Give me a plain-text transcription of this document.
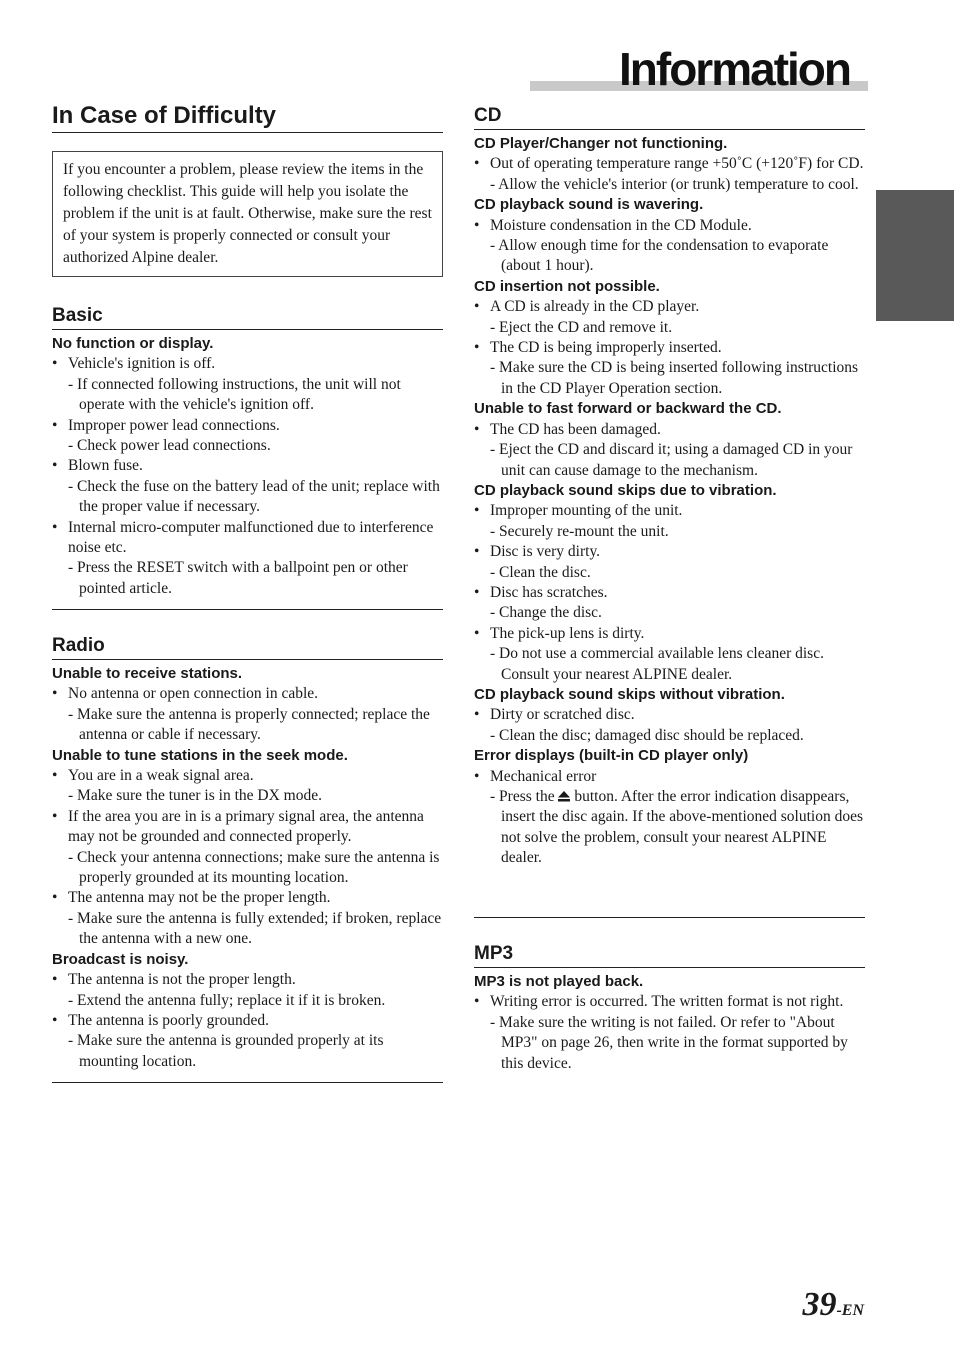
Information
In Case of Difficulty
If you encounter a problem, please review the items in the following checklist. This guide will help you isolate the problem if the unit is at fault. Otherwise, make sure the rest of your system is properly connected or consult your authorized Alpine dealer.
Basic
No function or display.
• Vehicle's ignition is off.
- If connected following instructions, the unit will not operate with the vehicle's ignition off.
• Improper power lead connections.
- Check power lead connections.
• Blown fuse.
- Check the fuse on the battery lead of the unit; replace with the proper value if necessary.
• Internal micro-computer malfunctioned due to interference noise etc.
- Press the RESET switch with a ballpoint pen or other pointed article.
Radio
Unable to receive stations.
• No antenna or open connection in cable.
- Make sure the antenna is properly connected; replace the antenna or cable if necessary.
Unable to tune stations in the seek mode.
• You are in a weak signal area.
- Make sure the tuner is in the DX mode.
• If the area you are in is a primary signal area, the antenna may not be grounded and connected properly.
- Check your antenna connections; make sure the antenna is properly grounded at its mounting location.
• The antenna may not be the proper length.
- Make sure the antenna is fully extended; if broken, replace the antenna with a new one.
Broadcast is noisy.
• The antenna is not the proper length.
- Extend the antenna fully; replace it if it is broken.
• The antenna is poorly grounded.
- Make sure the antenna is grounded properly at its mounting location.
CD
CD Player/Changer not functioning.
• Out of operating temperature range +50˚C (+120˚F) for CD.
- Allow the vehicle's interior (or trunk) temperature to cool.
CD playback sound is wavering.
• Moisture condensation in the CD Module.
- Allow enough time for the condensation to evaporate (about 1 hour).
CD insertion not possible.
• A CD is already in the CD player.
- Eject the CD and remove it.
• The CD is being improperly inserted.
- Make sure the CD is being inserted following instructions in the CD Player Operation section.
Unable to fast forward or backward the CD.
• The CD has been damaged.
- Eject the CD and discard it; using a damaged CD in your unit can cause damage to the mechanism.
CD playback sound skips due to vibration.
• Improper mounting of the unit.
- Securely re-mount the unit.
• Disc is very dirty.
- Clean the disc.
• Disc has scratches.
- Change the disc.
• The pick-up lens is dirty.
- Do not use a commercial available lens cleaner disc. Consult your nearest ALPINE dealer.
CD playback sound skips without vibration.
• Dirty or scratched disc.
- Clean the disc; damaged disc should be replaced.
Error displays (built-in CD player only)
• Mechanical error
- Press the  button. After the error indication disappears, insert the disc again. If the above-mentioned solution does not solve the problem, consult your nearest ALPINE dealer.
MP3
MP3 is not played back.
• Writing error is occurred. The written format is not right.
- Make sure the writing is not failed. Or refer to "About MP3" on page 26, then write in the format supported by this device.
39-EN
